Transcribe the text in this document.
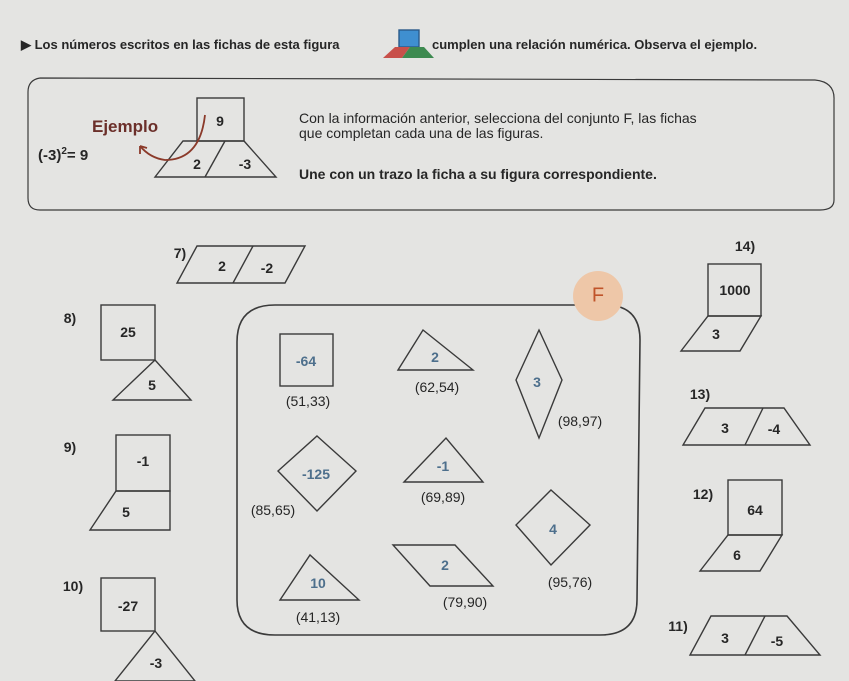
▶ Los números escritos en las fichas de esta figura	cumplen una relación numérica. Observa el ejemplo.
Ejemplo
$(-3)^2= 9$
9
2	-3
Con la información anterior, selecciona del conjunto F, las fichas
que completan cada una de las figuras.
Une con un trazo la ficha a su figura correspondiente.
F
-64
(51,33)
2
(62,54)	3
(98,97)
-125
(85,65)
-1
(69,89)
4
(95,76)
10
(41,13)
2
(79,90)
7)
2 -2
14)
1000
3
8)
25
5
13)
3	-4
9)
-1
5
12)
64
6
10)
-27
-3
11)
3	-5
